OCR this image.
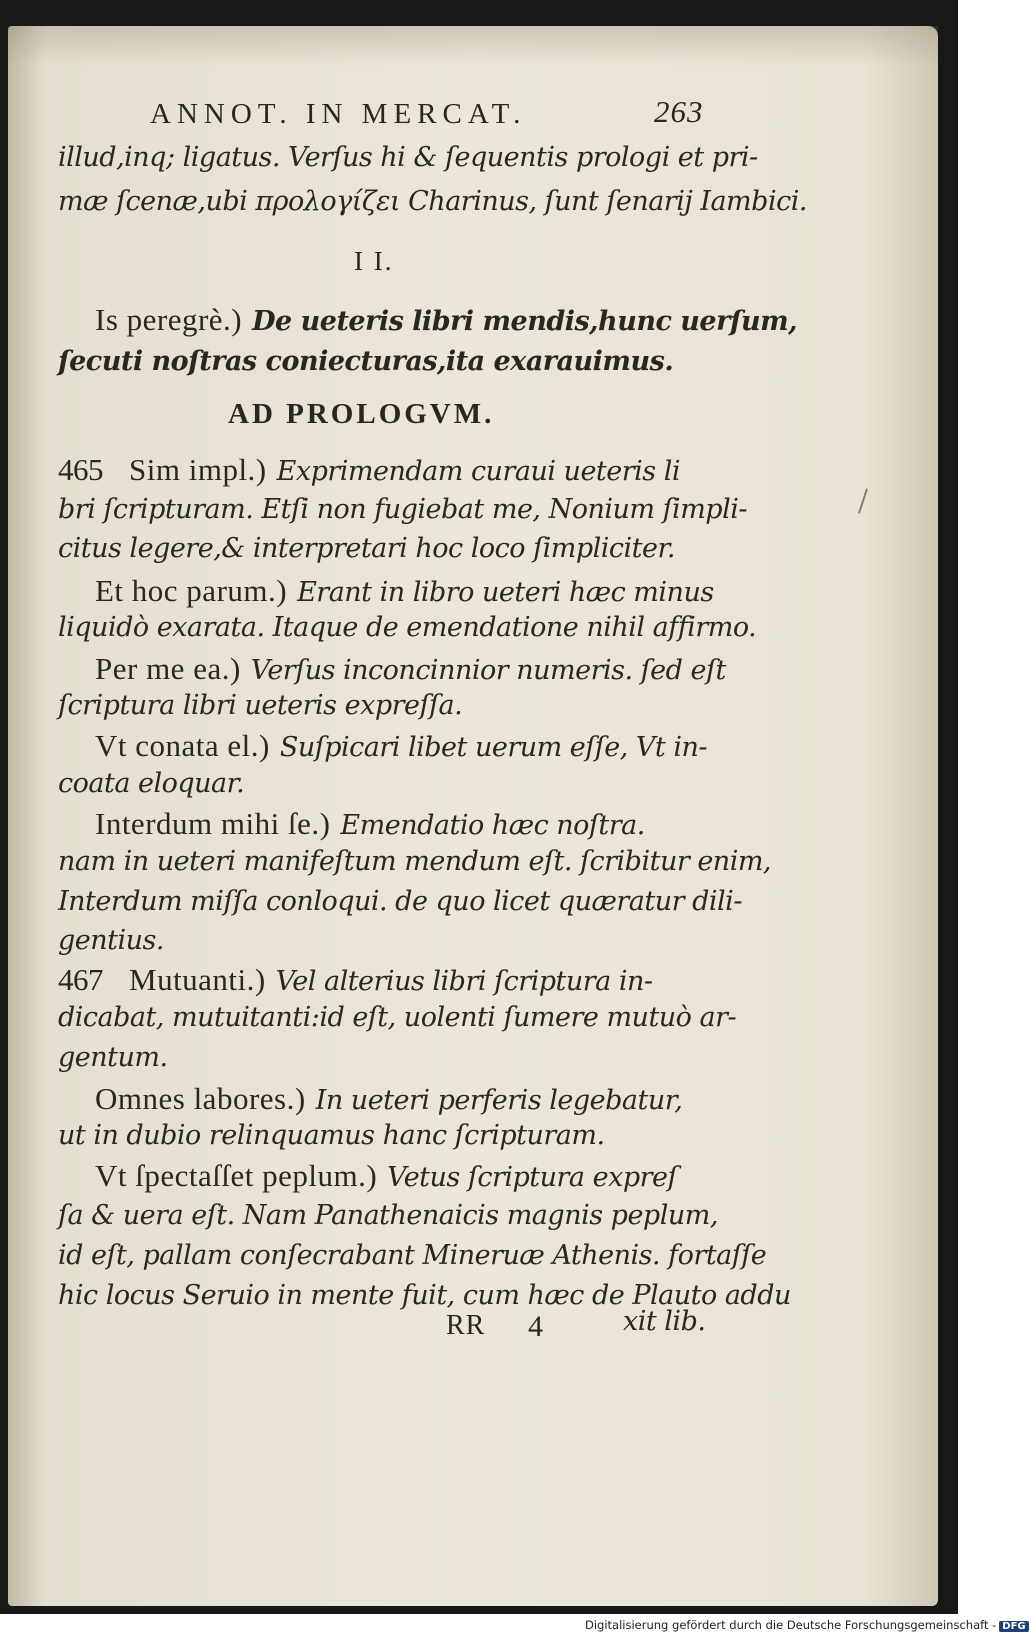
ANNOT. IN MERCAT.	263
illud,inq; ligatus. Verſus hi & ſequentis prologi et pri-
mæ ſcenæ,ubi προλογίζει Charinus, ſunt ſenarij Iambici.
I I.
Is peregrè.) De ueteris libri mendis,hunc uerſum,
ſecuti noſtras coniecturas,ita exarauimus.
AD PROLOGVM.
465 Sim impl.) Exprimendam curaui ueteris li
bri ſcripturam. Etſi non fugiebat me, Nonium ſimpli-
citus legere,& interpretari hoc loco ſimpliciter.
Et hoc parum.) Erant in libro ueteri hæc minus
liquidò exarata. Itaque de emendatione nihil affirmo.
Per me ea.) Verſus inconcinnior numeris. ſed eſt
ſcriptura libri ueteris expreſſa.
Vt conata el.) Suſpicari libet uerum eſſe, Vt in-
coata eloquar.
Interdum mihi ſe.) Emendatio hæc noſtra.
nam in ueteri manifeſtum mendum eſt. ſcribitur enim,
Interdum miſſa conloqui. de quo licet quæratur dili-
gentius.
467 Mutuanti.) Vel alterius libri ſcriptura in-
dicabat, mutuitanti:id eſt, uolenti ſumere mutuò ar-
gentum.
Omnes labores.) In ueteri perferis legebatur,
ut in dubio relinquamus hanc ſcripturam.
Vt ſpectaſſet peplum.) Vetus ſcriptura expreſ
ſa & uera eſt. Nam Panathenaicis magnis peplum,
id eſt, pallam conſecrabant Mineruæ Athenis. fortaſſe
hic locus Seruio in mente fuit, cum hæc de Plauto addu
RR 4	xit lib.
Digitalisierung gefördert durch die Deutsche Forschungsgemeinschaft - DFG
